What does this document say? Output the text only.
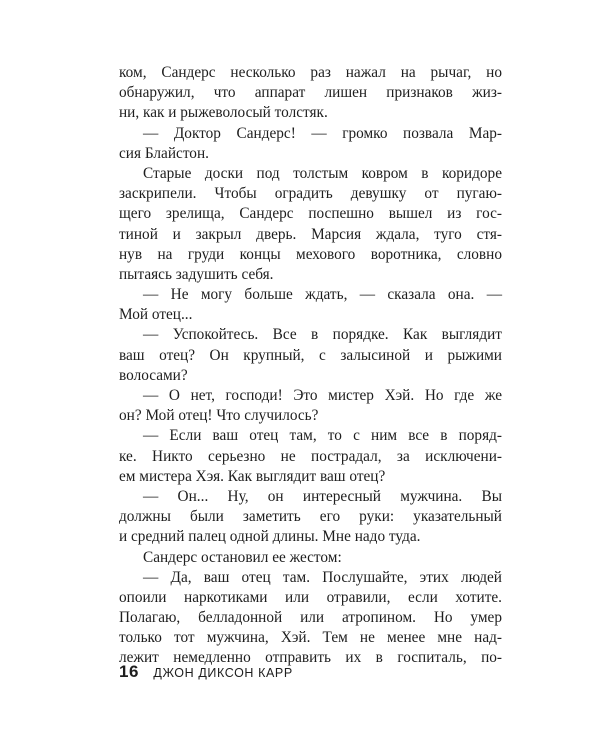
ком, Сандерс несколько раз нажал на рычаг, но
обнаружил, что аппарат лишен признаков жиз-
ни, как и рыжеволосый толстяк.
— Доктор Сандерс! — громко позвала Мар-
сия Блайстон.
Старые доски под толстым ковром в коридоре
заскрипели. Чтобы оградить девушку от пугаю-
щего зрелища, Сандерс поспешно вышел из гос-
тиной и закрыл дверь. Марсия ждала, туго стя-
нув на груди концы мехового воротника, словно
пытаясь задушить себя.
— Не могу больше ждать, — сказала она. —
Мой отец...
— Успокойтесь. Все в порядке. Как выглядит
ваш отец? Он крупный, с залысиной и рыжими
волосами?
— О нет, господи! Это мистер Хэй. Но где же
он? Мой отец! Что случилось?
— Если ваш отец там, то с ним все в поряд-
ке. Никто серьезно не пострадал, за исключени-
ем мистера Хэя. Как выглядит ваш отец?
— Он... Ну, он интересный мужчина. Вы
должны были заметить его руки: указательный
и средний палец одной длины. Мне надо туда.
Сандерс остановил ее жестом:
— Да, ваш отец там. Послушайте, этих людей
опоили наркотиками или отравили, если хотите.
Полагаю, белладонной или атропином. Но умер
только тот мужчина, Хэй. Тем не менее мне над-
лежит немедленно отправить их в госпиталь, по-
16 ДЖОН ДИКСОН КАРР
